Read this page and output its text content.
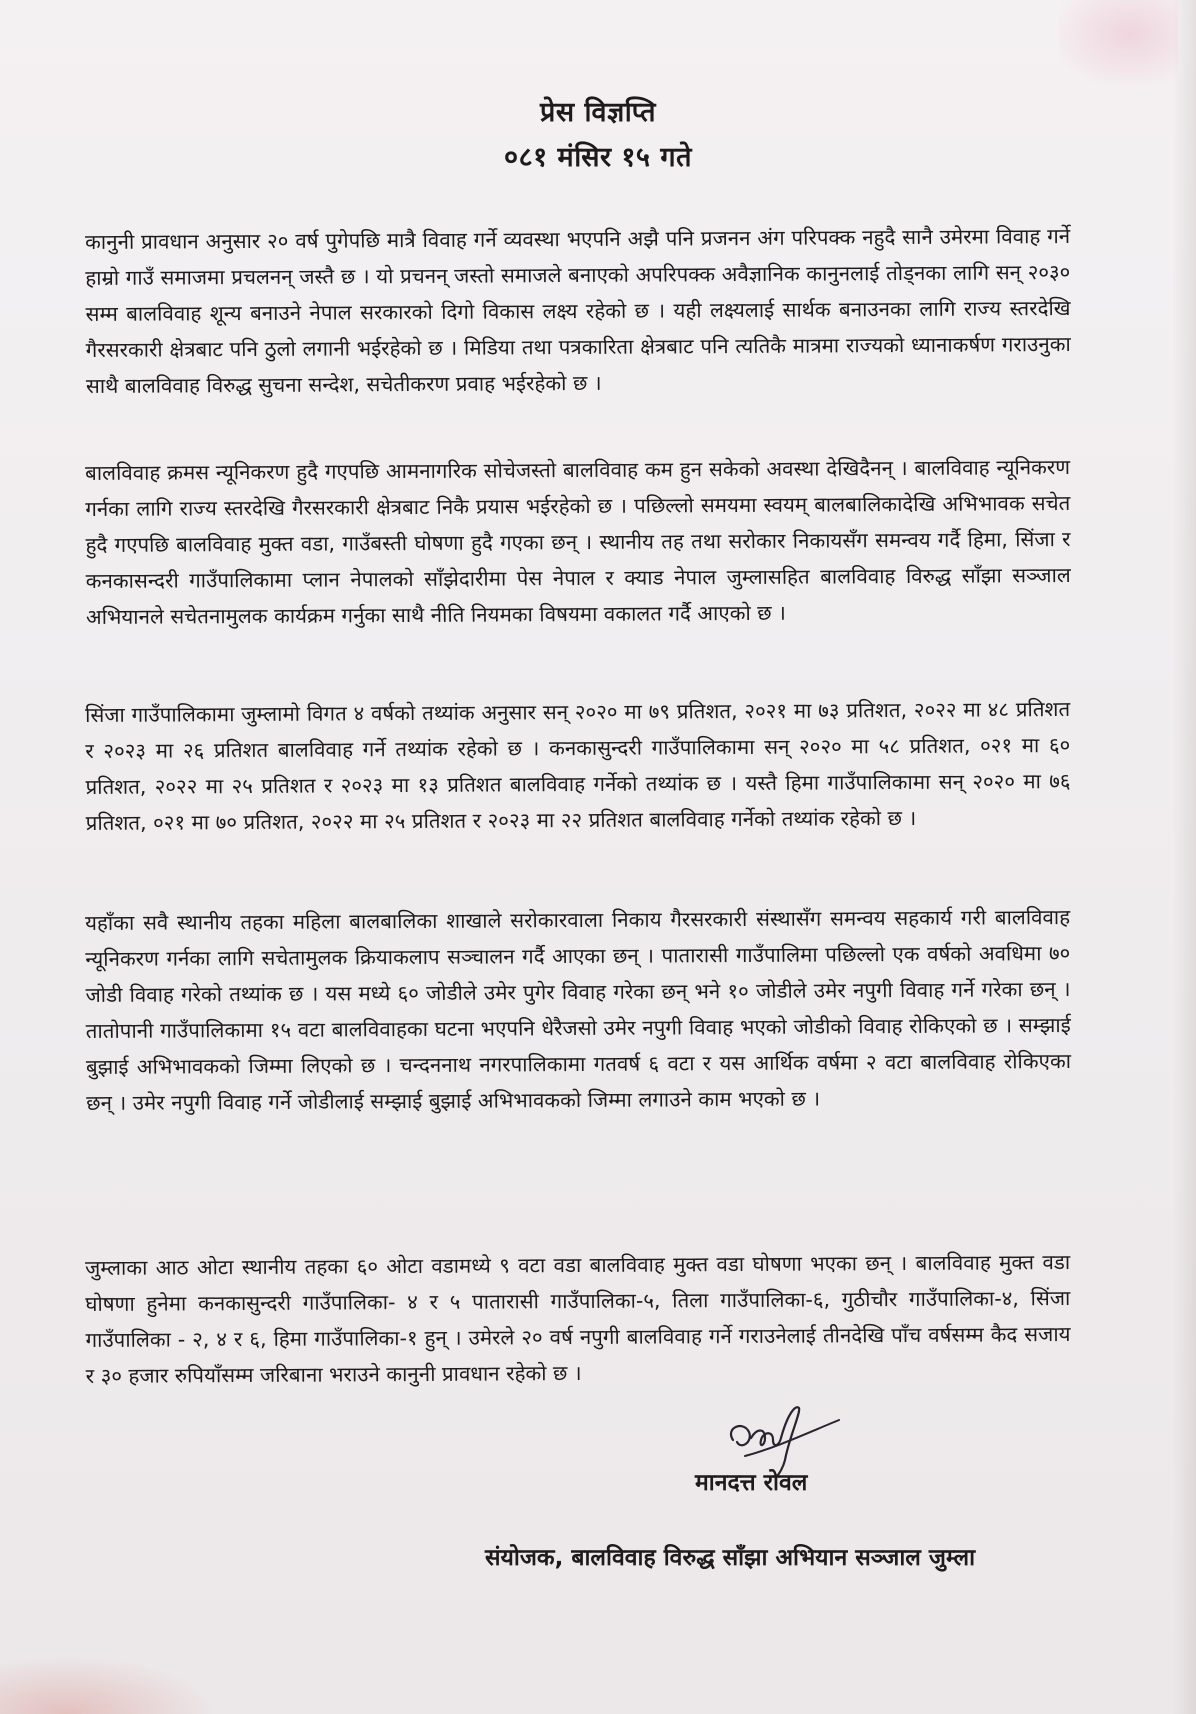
प्रेस विज्ञप्ति
०८१ मंसिर १५ गते
कानुनी प्रावधान अनुसार २० वर्ष पुगेपछि मात्रै विवाह गर्ने व्यवस्था भएपनि अझै पनि प्रजनन अंग परिपक्क नहुदै सानै उमेरमा विवाह गर्ने हाम्रो गाउँ समाजमा प्रचलनन् जस्तै छ । यो प्रचनन् जस्तो समाजले बनाएको अपरिपक्क अवैज्ञानिक कानुनलाई तोड्नका लागि सन् २०३० सम्म बालविवाह शून्य बनाउने नेपाल सरकारको दिगो विकास लक्ष्य रहेको छ । यही लक्ष्यलाई सार्थक बनाउनका लागि राज्य स्तरदेखि गैरसरकारी क्षेत्रबाट पनि ठुलो लगानी भईरहेको छ । मिडिया तथा पत्रकारिता क्षेत्रबाट पनि त्यतिकै मात्रमा राज्यको ध्यानाकर्षण गराउनुका साथै बालविवाह विरुद्ध सुचना सन्देश, सचेतीकरण प्रवाह भईरहेको छ ।
बालविवाह क्रमस न्यूनिकरण हुदै गएपछि आमनागरिक सोचेजस्तो बालविवाह कम हुन सकेको अवस्था देखिदैनन् । बालविवाह न्यूनिकरण गर्नका लागि राज्य स्तरदेखि गैरसरकारी क्षेत्रबाट निकै प्रयास भईरहेको छ । पछिल्लो समयमा स्वयम् बालबालिकादेखि अभिभावक सचेत हुदै गएपछि बालविवाह मुक्त वडा, गाउँबस्ती घोषणा हुदै गएका छन् । स्थानीय तह तथा सरोकार निकायसँग समन्वय गर्दै हिमा, सिंजा र कनकासन्दरी गाउँपालिकामा प्लान नेपालको साँझेदारीमा पेस नेपाल र क्याड नेपाल जुम्लासहित बालविवाह विरुद्ध साँझा सञ्जाल अभियानले सचेतनामुलक कार्यक्रम गर्नुका साथै नीति नियमका विषयमा वकालत गर्दै आएको छ ।
सिंजा गाउँपालिकामा जुम्लामो विगत ४ वर्षको तथ्यांक अनुसार सन् २०२० मा ७९ प्रतिशत, २०२१ मा ७३ प्रतिशत, २०२२ मा ४८ प्रतिशत र २०२३ मा २६ प्रतिशत बालविवाह गर्ने तथ्यांक रहेको छ । कनकासुन्दरी गाउँपालिकामा सन् २०२० मा ५८ प्रतिशत, ०२१ मा ६० प्रतिशत, २०२२ मा २५ प्रतिशत र २०२३ मा १३ प्रतिशत बालविवाह गर्नेको तथ्यांक छ । यस्तै हिमा गाउँपालिकामा सन् २०२० मा ७६ प्रतिशत, ०२१ मा ७० प्रतिशत, २०२२ मा २५ प्रतिशत र २०२३ मा २२ प्रतिशत बालविवाह गर्नेको तथ्यांक रहेको छ ।
यहाँका सवै स्थानीय तहका महिला बालबालिका शाखाले सरोकारवाला निकाय गैरसरकारी संस्थासँग समन्वय सहकार्य गरी बालविवाह न्यूनिकरण गर्नका लागि सचेतामुलक क्रियाकलाप सञ्चालन गर्दै आएका छन् । पातारासी गाउँपालिमा पछिल्लो एक वर्षको अवधिमा ७० जोडी विवाह गरेको तथ्यांक छ । यस मध्ये ६० जोडीले उमेर पुगेर विवाह गरेका छन् भने १० जोडीले उमेर नपुगी विवाह गर्ने गरेका छन् । तातोपानी गाउँपालिकामा १५ वटा बालविवाहका घटना भएपनि धेरैजसो उमेर नपुगी विवाह भएको जोडीको विवाह रोकिएको छ । सम्झाई बुझाई अभिभावकको जिम्मा लिएको छ । चन्दननाथ नगरपालिकामा गतवर्ष ६ वटा र यस आर्थिक वर्षमा २ वटा बालविवाह रोकिएका छन् । उमेर नपुगी विवाह गर्ने जोडीलाई सम्झाई बुझाई अभिभावकको जिम्मा लगाउने काम भएको छ ।
जुम्लाका आठ ओटा स्थानीय तहका ६० ओटा वडामध्ये ९ वटा वडा बालविवाह मुक्त वडा घोषणा भएका छन् । बालविवाह मुक्त वडा घोषणा हुनेमा कनकासुन्दरी गाउँपालिका- ४ र ५ पातारासी गाउँपालिका-५, तिला गाउँपालिका-६, गुठीचौर गाउँपालिका-४, सिंजा गाउँपालिका - २, ४ र ६, हिमा गाउँपालिका-१ हुन् । उमेरले २० वर्ष नपुगी बालविवाह गर्ने गराउनेलाई तीनदेखि पाँच वर्षसम्म कैद सजाय र ३० हजार रुपियाँसम्म जरिबाना भराउने कानुनी प्रावधान रहेको छ ।
मानदत्त रोवल
संयोजक, बालविवाह विरुद्ध साँझा अभियान सञ्जाल जुम्ला
